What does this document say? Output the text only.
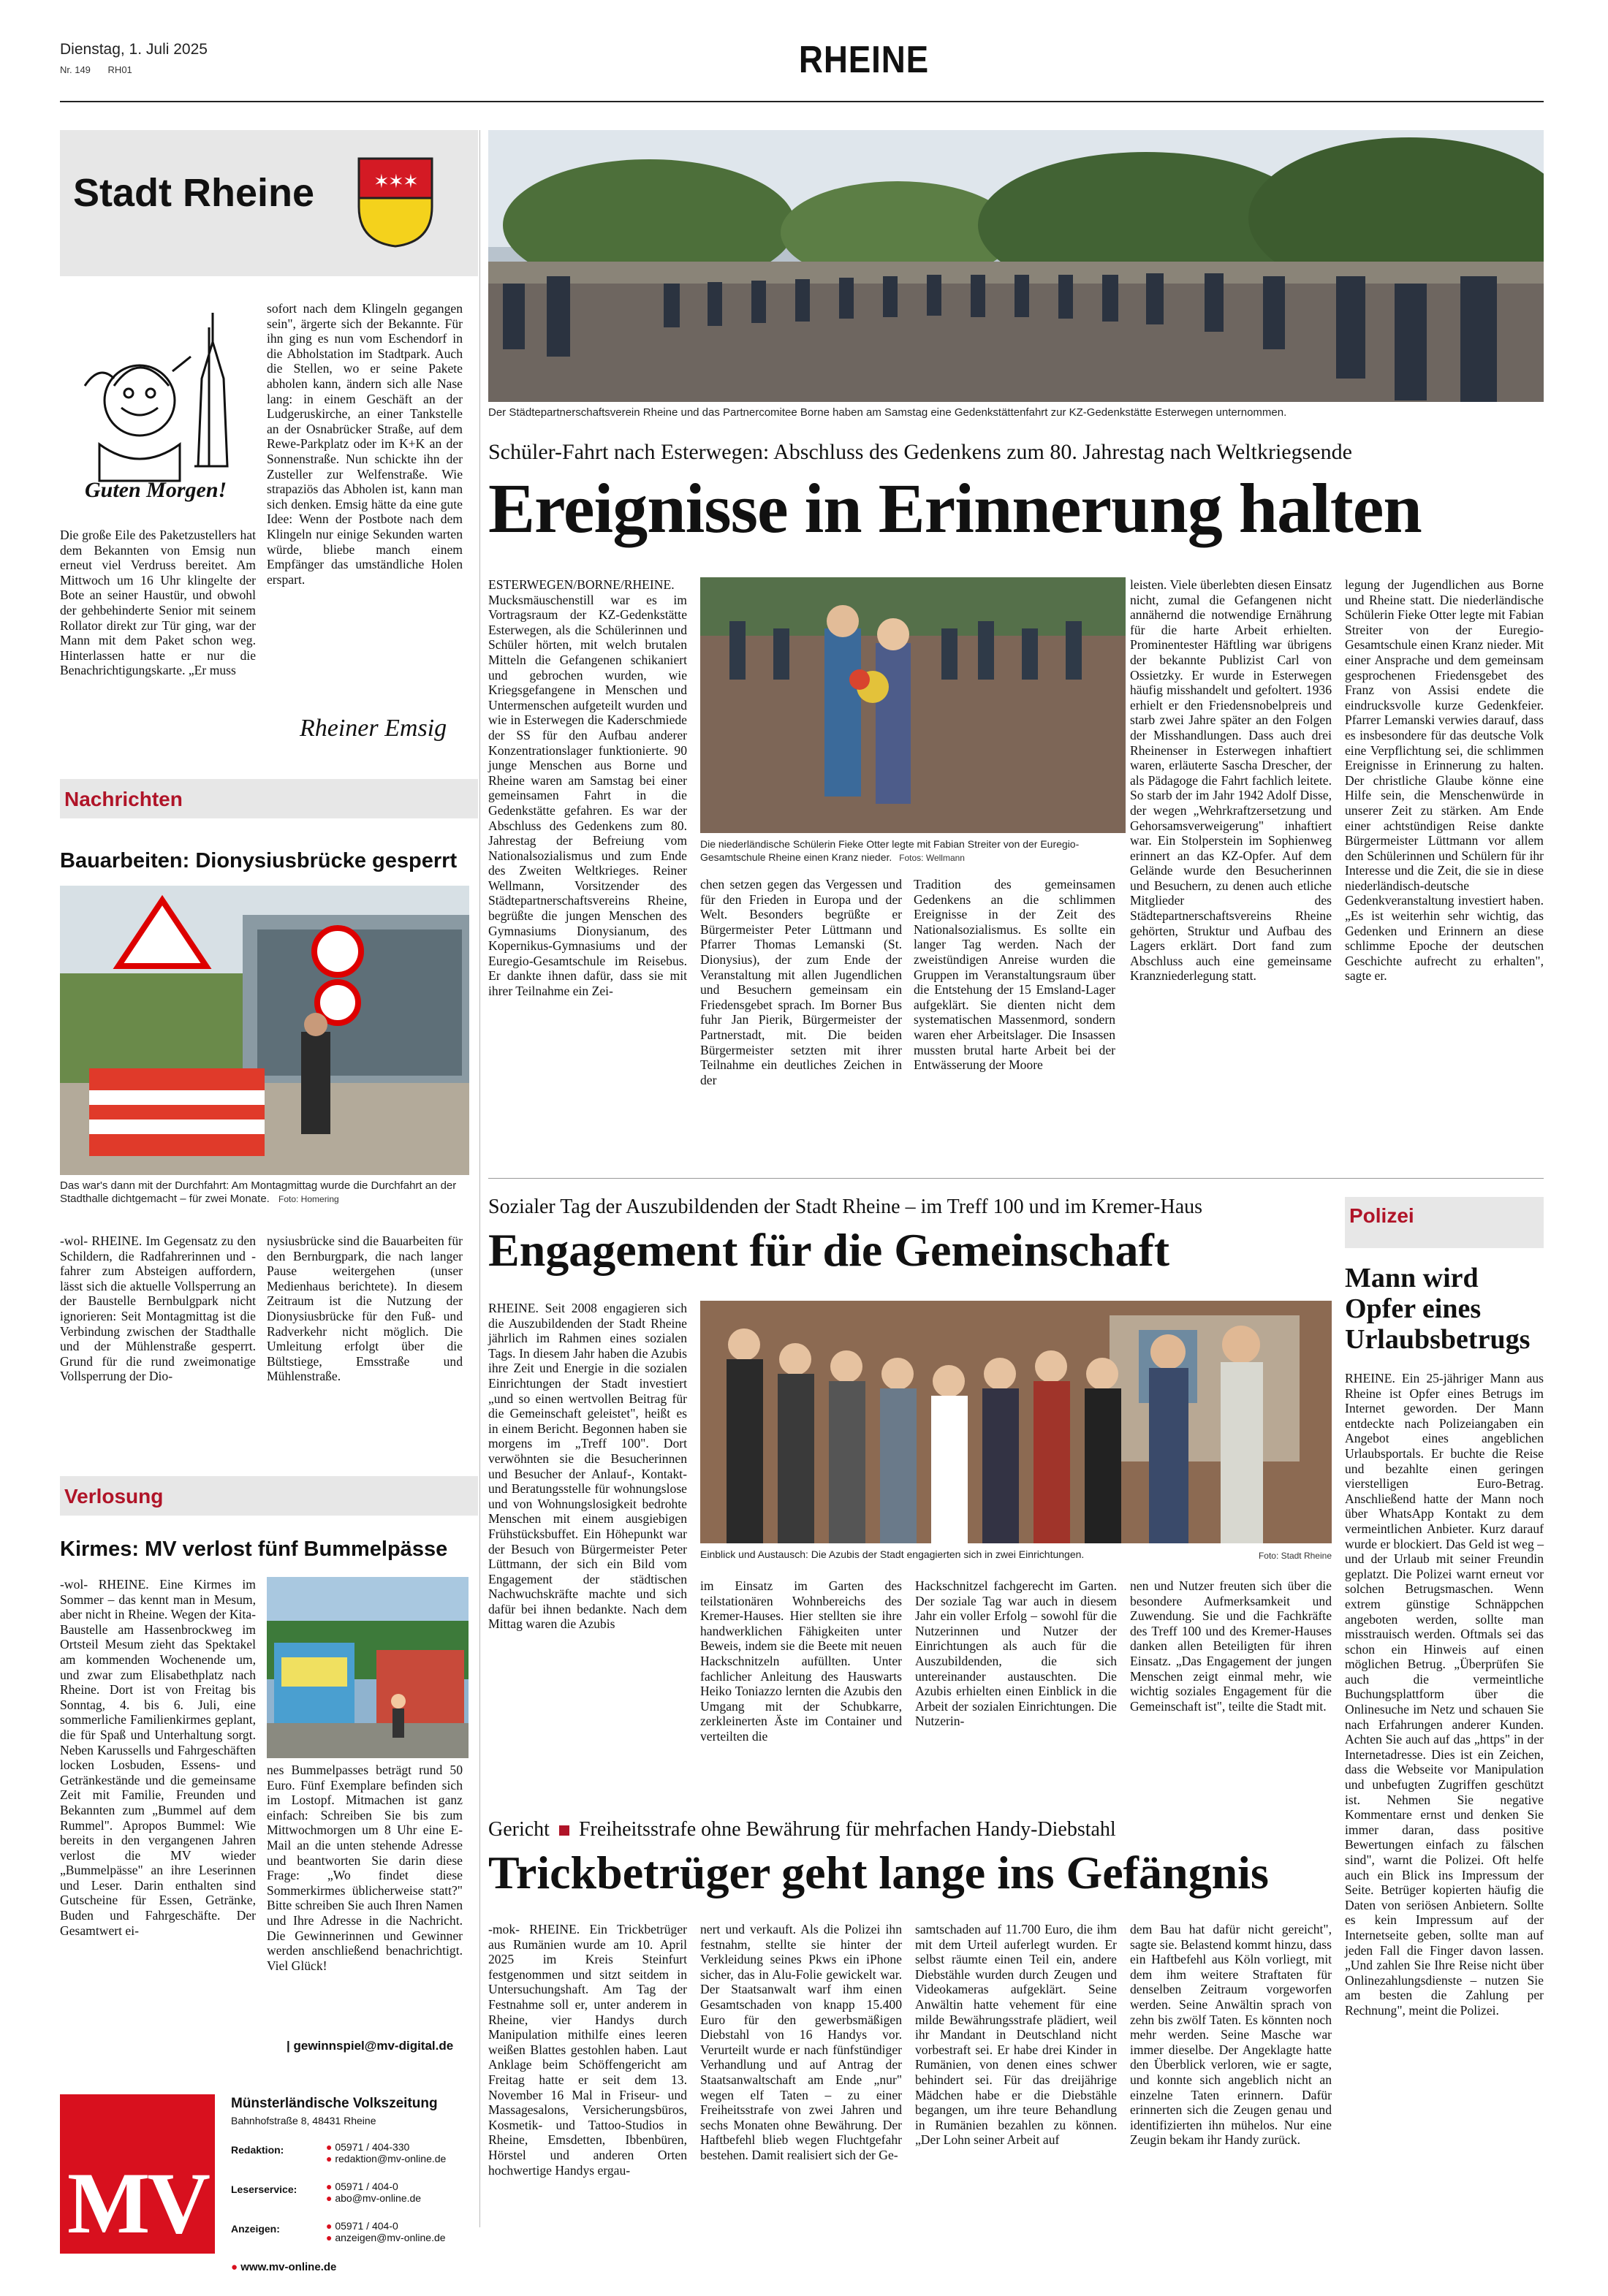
Dienstag, 1. Juli 2025
Nr. 149 RH01	RHEINE
Stadt Rheine	✶
✶
✶
Guten Morgen!
Die große Eile des Paketzustellers hat dem Bekannten von Emsig nun erneut viel Verdruss bereitet. Am Mittwoch um 16 Uhr klingelte der Bote an seiner Haustür, und obwohl der gehbehinderte Senior mit seinem Rollator direkt zur Tür ging, war der Mann mit dem Paket schon weg. Hinterlassen hatte er nur die Benachrichtigungskarte. „Er muss
sofort nach dem Klingeln gegangen sein", ärgerte sich der Bekannte. Für ihn ging es nun vom Eschendorf in die Abholstation im Stadtpark. Auch die Stellen, wo er seine Pakete abholen kann, ändern sich alle Nase lang: in einem Geschäft an der Ludgeruskirche, an einer Tankstelle an der Osnabrücker Straße, auf dem Rewe-Parkplatz oder im K+K an der Sonnenstraße. Nun schickte ihn der Zusteller zur Welfenstraße. Wie strapaziös das Abholen ist, kann man sich denken. Emsig hätte da eine gute Idee: Wenn der Postbote nach dem Klingeln nur einige Sekunden warten würde, bliebe manch einem Empfänger das umständliche Holen erspart.
Rheiner Emsig
Nachrichten
Bauarbeiten: Dionysiusbrücke gesperrt
Das war's dann mit der Durchfahrt: Am Montagmittag wurde die Durchfahrt an der Stadthalle dichtgemacht – für zwei Monate. Foto: Homering
-wol- RHEINE. Im Gegensatz zu den Schildern, die Radfahrerinnen und -fahrer zum Absteigen auffordern, lässt sich die aktuelle Vollsperrung an der Baustelle Bernbulgpark nicht ignorieren: Seit Montagmittag ist die Verbindung zwischen der Stadthalle und der Mühlenstraße gesperrt. Grund für die rund zweimonatige Vollsperrung der Dio-
nysiusbrücke sind die Bauarbeiten für den Bernburgpark, die nach langer Pause weitergehen (unser Medienhaus berichtete). In diesem Zeitraum ist die Nutzung der Dionysiusbrücke für den Fuß- und Radverkehr nicht möglich. Die Umleitung erfolgt über die Bültstiege, Emsstraße und Mühlenstraße.
Verlosung
Kirmes: MV verlost fünf Bummelpässe
-wol- RHEINE. Eine Kirmes im Sommer – das kennt man in Mesum, aber nicht in Rheine. Wegen der Kita-Baustelle am Hassenbrockweg im Ortsteil Mesum zieht das Spektakel am kommenden Wochenende um, und zwar zum Elisabethplatz nach Rheine. Dort ist von Freitag bis Sonntag, 4. bis 6. Juli, eine sommerliche Familienkirmes geplant, die für Spaß und Unterhaltung sorgt. Neben Karussells und Fahrgeschäften locken Losbuden, Essens- und Getränkestände und die gemeinsame Zeit mit Familie, Freunden und Bekannten zum „Bummel auf dem Rummel". Apropos Bummel: Wie bereits in den vergangenen Jahren verlost die MV wieder „Bummelpässe" an ihre Leserinnen und Leser. Darin enthalten sind Gutscheine für Essen, Getränke, Buden und Fahrgeschäfte. Der Gesamtwert ei-
nes Bummelpasses beträgt rund 50 Euro. Fünf Exemplare befinden sich im Lostopf. Mitmachen ist ganz einfach: Schreiben Sie bis zum Mittwochmorgen um 8 Uhr eine E-Mail an die unten stehende Adresse und beantworten Sie darin diese Frage: „Wo findet diese Sommerkirmes üblicherweise statt?" Bitte schreiben Sie auch Ihren Namen und Ihre Adresse in die Nachricht. Die Gewinnerinnen und Gewinner werden anschließend benachrichtigt. Viel Glück!
| gewinnspiel@mv-digital.de
MV
Münsterländische Volkszeitung
Bahnhofstraße 8, 48431 Rheine
Redaktion:	● 05971 / 404-330
● redaktion@mv-online.de
Leserservice:	● 05971 / 404-0
● abo@mv-online.de
Anzeigen:	● 05971 / 404-0
● anzeigen@mv-online.de
● www.mv-online.de
Der Städtepartnerschaftsverein Rheine und das Partnercomitee Borne haben am Samstag eine Gedenkstättenfahrt zur KZ-Gedenkstätte Esterwegen unternommen.
Schüler-Fahrt nach Esterwegen: Abschluss des Gedenkens zum 80. Jahrestag nach Weltkriegsende
Ereignisse in Erinnerung halten
ESTERWEGEN/BORNE/RHEINE. Mucksmäuschenstill war es im Vortragsraum der KZ-Gedenkstätte Esterwegen, als die Schülerinnen und Schüler hörten, mit welch brutalen Mitteln die Gefangenen schikaniert und gebrochen wurden, wie Kriegsgefangene in Menschen und Untermenschen aufgeteilt wurden und wie in Esterwegen die Kaderschmiede der SS für den Aufbau anderer Konzentrationslager funktionierte. 90 junge Menschen aus Borne und Rheine waren am Samstag bei einer gemeinsamen Fahrt in die Gedenkstätte gefahren. Es war der Abschluss des Gedenkens zum 80. Jahrestag der Befreiung vom Nationalsozialismus und zum Ende des Zweiten Weltkrieges. Reiner Wellmann, Vorsitzender des Städtepartnerschaftsvereins Rheine, begrüßte die jungen Menschen des Gymnasiums Dionysianum, des Kopernikus-Gymnasiums und der Euregio-Gesamtschule im Reisebus. Er dankte ihnen dafür, dass sie mit ihrer Teilnahme ein Zei-
Die niederländische Schülerin Fieke Otter legte mit Fabian Streiter von der Euregio-Gesamtschule Rheine einen Kranz nieder. Fotos: Wellmann
chen setzen gegen das Vergessen und für den Frieden in Europa und der Welt. Besonders begrüßte er Bürgermeister Peter Lüttmann und Pfarrer Thomas Lemanski (St. Dionysius), der zum Ende der Veranstaltung mit allen Jugendlichen und Besuchern gemeinsam ein Friedensgebet sprach. Im Borner Bus fuhr Jan Pierik, Bürgermeister der Partnerstadt, mit. Die beiden Bürgermeister setzten mit ihrer Teilnahme ein deutliches Zeichen in der
Tradition des gemeinsamen Gedenkens an die schlimmen Ereignisse in der Zeit des Nationalsozialismus. Es sollte ein langer Tag werden. Nach der zweistündigen Anreise wurden die Gruppen im Veranstaltungsraum über die Entstehung der 15 Emsland-Lager aufgeklärt. Sie dienten nicht dem systematischen Massenmord, sondern waren eher Arbeitslager. Die Insassen mussten brutal harte Arbeit bei der Entwässerung der Moore
leisten. Viele überlebten diesen Einsatz nicht, zumal die Gefangenen nicht annähernd die notwendige Ernährung für die harte Arbeit erhielten. Prominentester Häftling war übrigens der bekannte Publizist Carl von Ossietzky. Er wurde in Esterwegen häufig misshandelt und gefoltert. 1936 erhielt er den Friedensnobelpreis und starb zwei Jahre später an den Folgen der Misshandlungen. Dass auch drei Rheinenser in Esterwegen inhaftiert waren, erläuterte Sascha Drescher, der als Pädagoge die Fahrt fachlich leitete. So starb der im Jahr 1942 Adolf Disse, der wegen „Wehrkraftzersetzung und Gehorsamsverweigerung" inhaftiert war. Ein Stolperstein im Sophienweg erinnert an das KZ-Opfer. Auf dem Gelände wurde den Besucherinnen und Besuchern, zu denen auch etliche Mitglieder des Städtepartnerschaftsvereins Rheine gehörten, Struktur und Aufbau des Lagers erklärt. Dort fand zum Abschluss auch eine gemeinsame Kranzniederlegung statt.
legung der Jugendlichen aus Borne und Rheine statt. Die niederländische Schülerin Fieke Otter legte mit Fabian Streiter von der Euregio-Gesamtschule einen Kranz nieder. Mit einer Ansprache und dem gemeinsam gesprochenen Friedensgebet des Franz von Assisi endete die eindrucksvolle kurze Gedenkfeier. Pfarrer Lemanski verwies darauf, dass es insbesondere für das deutsche Volk eine Verpflichtung sei, die schlimmen Ereignisse in Erinnerung zu halten. Der christliche Glaube könne eine Hilfe sein, die Menschenwürde in unserer Zeit zu stärken. Am Ende einer achtstündigen Reise dankte Bürgermeister Lüttmann vor allem den Schülerinnen und Schülern für ihr Interesse und die Zeit, die sie in diese niederländisch-deutsche Gedenkveranstaltung investiert haben. „Es ist weiterhin sehr wichtig, das Gedenken und Erinnern an diese schlimme Epoche der deutschen Geschichte aufrecht zu erhalten", sagte er.
Sozialer Tag der Auszubildenden der Stadt Rheine – im Treff 100 und im Kremer-Haus
Engagement für die Gemeinschaft
RHEINE. Seit 2008 engagieren sich die Auszubildenden der Stadt Rheine jährlich im Rahmen eines sozialen Tags. In diesem Jahr haben die Azubis ihre Zeit und Energie in die sozialen Einrichtungen der Stadt investiert „und so einen wertvollen Beitrag für die Gemeinschaft geleistet", heißt es in einem Bericht. Begonnen haben sie morgens im „Treff 100". Dort verwöhnten sie die Besucherinnen und Besucher der Anlauf-, Kontakt- und Beratungsstelle für wohnungslose und von Wohnungslosigkeit bedrohte Menschen mit einem ausgiebigen Frühstücksbuffet. Ein Höhepunkt war der Besuch von Bürgermeister Peter Lüttmann, der sich ein Bild vom Engagement der städtischen Nachwuchskräfte machte und sich dafür bei ihnen bedankte. Nach dem Mittag waren die Azubis
Einblick und Austausch: Die Azubis der Stadt engagierten sich in zwei Einrichtungen.	Foto: Stadt Rheine
im Einsatz im Garten des teilstationären Wohnbereichs des Kremer-Hauses. Hier stellten sie ihre handwerklichen Fähigkeiten unter Beweis, indem sie die Beete mit neuen Hackschnitzeln aufüllten. Unter fachlicher Anleitung des Hauswarts Heiko Toniazzo lernten die Azubis den Umgang mit der Schubkarre, zerkleinerten Äste im Container und verteilten die
Hackschnitzel fachgerecht im Garten. Der soziale Tag war auch in diesem Jahr ein voller Erfolg – sowohl für die Nutzerinnen und Nutzer der Einrichtungen als auch für die Auszubildenden, die sich untereinander austauschten. Die Azubis erhielten einen Einblick in die Arbeit der sozialen Einrichtungen. Die Nutzerin-
nen und Nutzer freuten sich über die besondere Aufmerksamkeit und Zuwendung. Sie und die Fachkräfte des Treff 100 und des Kremer-Hauses danken allen Beteiligten für ihren Einsatz. „Das Engagement der jungen Menschen zeigt einmal mehr, wie wichtig soziales Engagement für die Gemeinschaft ist", teilte die Stadt mit.
Gericht Freiheitsstrafe ohne Bewährung für mehrfachen Handy-Diebstahl
Trickbetrüger geht lange ins Gefängnis
-mok- RHEINE. Ein Trickbetrüger aus Rumänien wurde am 10. April 2025 im Kreis Steinfurt festgenommen und sitzt seitdem in Untersuchungshaft. Am Tag der Festnahme soll er, unter anderem in Rheine, vier Handys durch Manipulation mithilfe eines leeren weißen Blattes gestohlen haben. Laut Anklage beim Schöffengericht am Freitag hatte er seit dem 13. November 16 Mal in Friseur- und Massagesalons, Versicherungsbüros, Kosmetik- und Tattoo-Studios in Rheine, Emsdetten, Ibbenbüren, Hörstel und anderen Orten hochwertige Handys ergau-
nert und verkauft. Als die Polizei ihn festnahm, stellte sie hinter der Verkleidung seines Pkws ein iPhone sicher, das in Alu-Folie gewickelt war. Der Staatsanwalt warf ihm einen Gesamtschaden von knapp 15.400 Euro für den gewerbsmäßigen Diebstahl von 16 Handys vor. Verurteilt wurde er nach fünfstündiger Verhandlung und auf Antrag der Staatsanwaltschaft am Ende „nur" wegen elf Taten – zu einer Freiheitsstrafe von zwei Jahren und sechs Monaten ohne Bewährung. Der Haftbefehl blieb wegen Fluchtgefahr bestehen. Damit realisiert sich der Ge-
samtschaden auf 11.700 Euro, die ihm mit dem Urteil auferlegt wurden. Er selbst räumte einen Teil ein, andere Diebstähle wurden durch Zeugen und Videokameras aufgeklärt. Seine Anwältin hatte vehement für eine milde Bewährungsstrafe plädiert, weil ihr Mandant in Deutschland nicht vorbestraft sei. Er habe drei Kinder in Rumänien, von denen eines schwer behindert sei. Für das dreijährige Mädchen habe er die Diebstähle begangen, um ihre teure Behandlung in Rumänien bezahlen zu können. „Der Lohn seiner Arbeit auf
dem Bau hat dafür nicht gereicht", sagte sie. Belastend kommt hinzu, dass ein Haftbefehl aus Köln vorliegt, mit dem ihm weitere Straftaten für denselben Zeitraum vorgeworfen werden. Seine Anwältin sprach von zehn bis zwölf Taten. Es könnten noch mehr werden. Seine Masche war immer dieselbe. Der Angeklagte hatte den Überblick verloren, wie er sagte, und konnte sich angeblich nicht an einzelne Taten erinnern. Dafür erinnerten sich die Zeugen genau und identifizierten ihn mühelos. Nur eine Zeugin bekam ihr Handy zurück.
Polizei
Mann wird Opfer eines Urlaubsbetrugs
RHEINE. Ein 25-jähriger Mann aus Rheine ist Opfer eines Betrugs im Internet geworden. Der Mann entdeckte nach Polizeiangaben ein Angebot eines angeblichen Urlaubsportals. Er buchte die Reise und bezahlte einen geringen vierstelligen Euro-Betrag. Anschließend hatte der Mann noch über WhatsApp Kontakt zu dem vermeintlichen Anbieter. Kurz darauf wurde er blockiert. Das Geld ist weg – und der Urlaub mit seiner Freundin geplatzt. Die Polizei warnt erneut vor solchen Betrugsmaschen. Wenn extrem günstige Schnäppchen angeboten werden, sollte man misstrauisch werden. Oftmals sei das schon ein Hinweis auf einen möglichen Betrug. „Überprüfen Sie auch die vermeintliche Buchungsplattform über die Onlinesuche im Netz und schauen Sie nach Erfahrungen anderer Kunden. Achten Sie auch auf das „https" in der Internetadresse. Dies ist ein Zeichen, dass die Webseite vor Manipulation und unbefugten Zugriffen geschützt ist. Nehmen Sie negative Kommentare ernst und denken Sie immer daran, dass positive Bewertungen einfach zu fälschen sind", warnt die Polizei. Oft helfe auch ein Blick ins Impressum der Seite. Betrüger kopierten häufig die Daten von seriösen Anbietern. Sollte es kein Impressum auf der Internetseite geben, sollte man auf jeden Fall die Finger davon lassen. „Und zahlen Sie Ihre Reise nicht über Onlinezahlungsdienste – nutzen Sie am besten die Zahlung per Rechnung", meint die Polizei.
